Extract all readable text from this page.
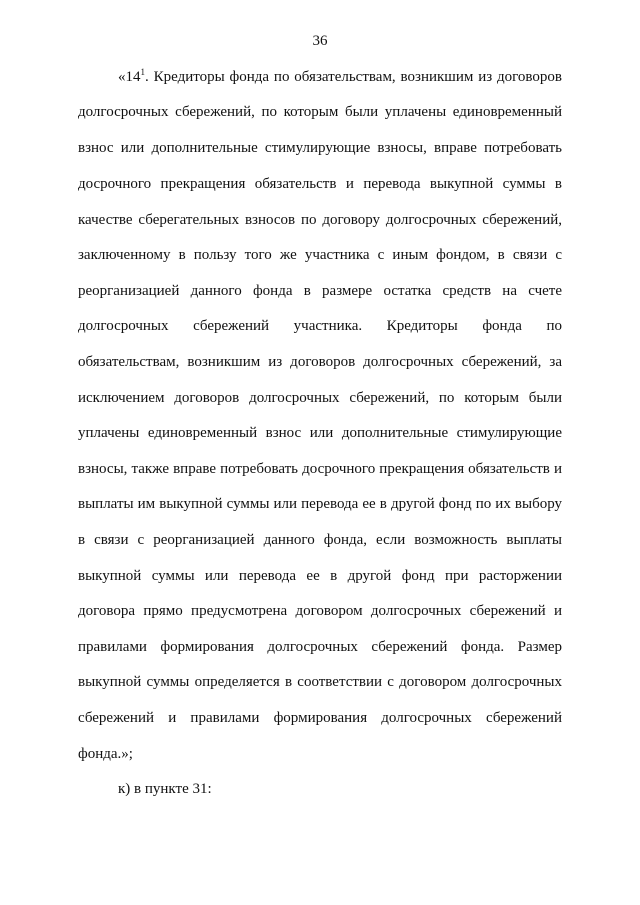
36
«$14^1$. Кредиторы фонда по обязательствам, возникшим из договоров
долгосрочных сбережений, по которым были уплачены единовременный
взнос или дополнительные стимулирующие взносы, вправе потребовать
досрочного прекращения обязательств и перевода выкупной суммы в
качестве сберегательных взносов по договору долгосрочных сбережений,
заключенному в пользу того же участника с иным фондом, в связи с
реорганизацией данного фонда в размере остатка средств на счете
долгосрочных сбережений участника. Кредиторы фонда по
обязательствам, возникшим из договоров долгосрочных сбережений, за
исключением договоров долгосрочных сбережений, по которым были
уплачены единовременный взнос или дополнительные стимулирующие
взносы, также вправе потребовать досрочного прекращения обязательств и
выплаты им выкупной суммы или перевода ее в другой фонд по их выбору
в связи с реорганизацией данного фонда, если возможность выплаты
выкупной суммы или перевода ее в другой фонд при расторжении
договора прямо предусмотрена договором долгосрочных сбережений и
правилами формирования долгосрочных сбережений фонда. Размер
выкупной суммы определяется в соответствии с договором долгосрочных
сбережений и правилами формирования долгосрочных сбережений
фонда.»;
к) в пункте 31:
